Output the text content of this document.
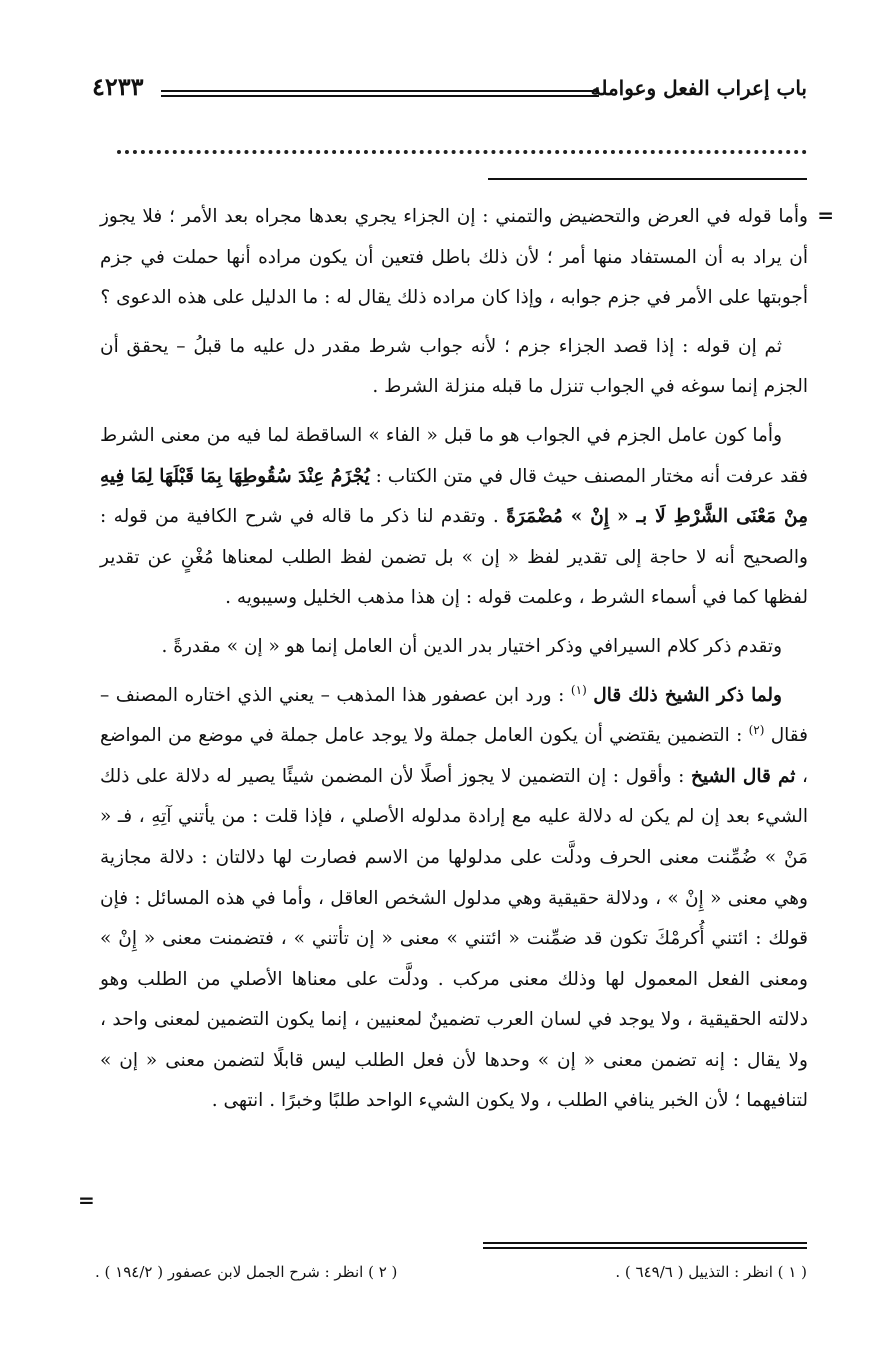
باب إعراب الفعل وعوامله
٤٢٣٣
=

وأما قوله في العرض والتحضيض والتمني : إن الجزاء يجري بعدها مجراه بعد الأمر ؛ فلا يجوز أن يراد به أن المستفاد منها أمر ؛ لأن ذلك باطل فتعين أن يكون مراده أنها حملت في جزم أجوبتها على الأمر في جزم جوابه ، وإذا كان مراده ذلك يقال له : ما الدليل على هذه الدعوى ؟

ثم إن قوله : إذا قصد الجزاء جزم ؛ لأنه جواب شرط مقدر دل عليه ما قبلُ – يحقق أن الجزم إنما سوغه في الجواب تنزل ما قبله منزلة الشرط .

وأما كون عامل الجزم في الجواب هو ما قبل « الفاء » الساقطة لما فيه من معنى الشرط فقد عرفت أنه مختار المصنف حيث قال في متن الكتاب : يُجْزَمُ عِنْدَ سُقُوطِهَا بِمَا قَبْلَهَا لِمَا فِيهِ مِنْ مَعْنَى الشَّرْطِ لَا بـ « إِنْ » مُضْمَرَةً . وتقدم لنا ذكر ما قاله في شرح الكافية من قوله : والصحيح أنه لا حاجة إلى تقدير لفظ « إن » بل تضمن لفظ الطلب لمعناها مُغْنٍ عن تقدير لفظها كما في أسماء الشرط ، وعلمت قوله : إن هذا مذهب الخليل وسيبويه .

وتقدم ذكر كلام السيرافي وذكر اختيار بدر الدين أن العامل إنما هو « إن » مقدرةً .

ولما ذكر الشيخ ذلك قال $^{(١)}$ : ورد ابن عصفور هذا المذهب – يعني الذي اختاره المصنف – فقال $^{(٢)}$ : التضمين يقتضي أن يكون العامل جملة ولا يوجد عامل جملة في موضع من المواضع ، ثم قال الشيخ : وأقول : إن التضمين لا يجوز أصلًا لأن المضمن شيئًا يصير له دلالة على ذلك الشيء بعد إن لم يكن له دلالة عليه مع إرادة مدلوله الأصلي ، فإذا قلت : من يأتني آتِهِ ، فـ « مَنْ » ضُمِّنت معنى الحرف ودلَّت على مدلولها من الاسم فصارت لها دلالتان : دلالة مجازية وهي معنى « إِنْ » ، ودلالة حقيقية وهي مدلول الشخص العاقل ، وأما في هذه المسائل : فإن قولك : ائتني أُكرمْكَ تكون قد ضمِّنت « ائتني » معنى « إن تأتني » ، فتضمنت معنى « إِنْ » ومعنى الفعل المعمول لها وذلك معنى مركب . ودلَّت على معناها الأصلي من الطلب وهو دلالته الحقيقية ، ولا يوجد في لسان العرب تضمينٌ لمعنيين ، إنما يكون التضمين لمعنى واحد ، ولا يقال : إنه تضمن معنى « إن » وحدها لأن فعل الطلب ليس قابلًا لتضمن معنى « إن » لتنافيهما ؛ لأن الخبر ينافي الطلب ، ولا يكون الشيء الواحد طلبًا وخبرًا . انتهى .

=
( ١ ) انظر : التذييل ( ٦٤٩/٦ ) .
( ٢ ) انظر : شرح الجمل لابن عصفور ( ١٩٤/٢ ) .
